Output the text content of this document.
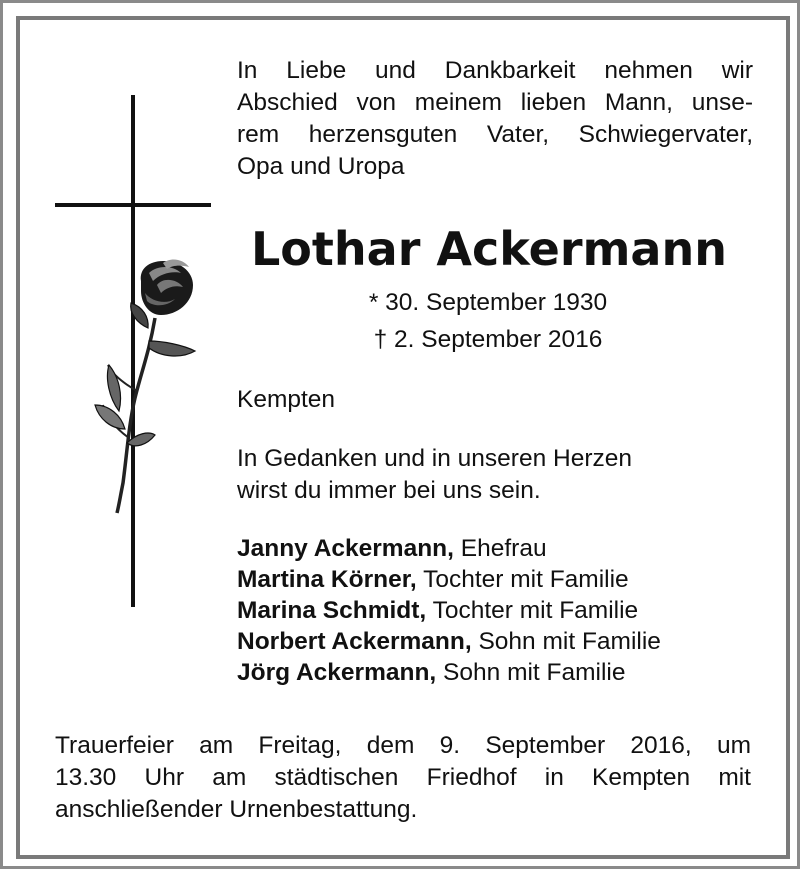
In Liebe und Dankbarkeit nehmen wir
Abschied von meinem lieben Mann, unse-
rem herzensguten Vater, Schwiegervater,
Opa und Uropa
Lothar Ackermann
* 30. September 1930
† 2. September 2016
Kempten
In Gedanken und in unseren Herzen
wirst du immer bei uns sein.
Janny Ackermann, Ehefrau
Martina Körner, Tochter mit Familie
Marina Schmidt, Tochter mit Familie
Norbert Ackermann, Sohn mit Familie
Jörg Ackermann, Sohn mit Familie
Trauerfeier am Freitag, dem 9. September 2016, um
13.30 Uhr am städtischen Friedhof in Kempten mit
anschließender Urnenbestattung.
